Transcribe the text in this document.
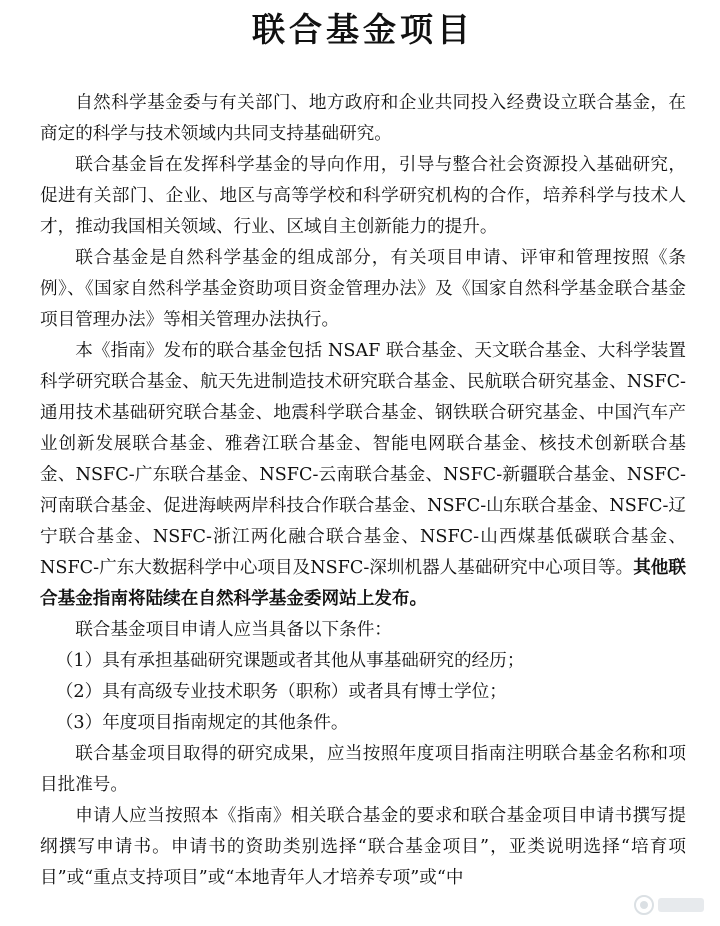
联合基金项目

自然科学基金委与有关部门、地方政府和企业共同投入经费设立联合基金，在商定的科学与技术领域内共同支持基础研究。

联合基金旨在发挥科学基金的导向作用，引导与整合社会资源投入基础研究，促进有关部门、企业、地区与高等学校和科学研究机构的合作，培养科学与技术人才，推动我国相关领域、行业、区域自主创新能力的提升。

联合基金是自然科学基金的组成部分，有关项目申请、评审和管理按照《条例》、《国家自然科学基金资助项目资金管理办法》及《国家自然科学基金联合基金项目管理办法》等相关管理办法执行。

本《指南》发布的联合基金包括 NSAF 联合基金、天文联合基金、大科学装置科学研究联合基金、航天先进制造技术研究联合基金、民航联合研究基金、NSFC-通用技术基础研究联合基金、地震科学联合基金、钢铁联合研究基金、中国汽车产业创新发展联合基金、雅砻江联合基金、智能电网联合基金、核技术创新联合基金、NSFC-广东联合基金、NSFC-云南联合基金、NSFC-新疆联合基金、NSFC-河南联合基金、促进海峡两岸科技合作联合基金、NSFC-山东联合基金、NSFC-辽宁联合基金、NSFC-浙江两化融合联合基金、NSFC-山西煤基低碳联合基金、NSFC-广东大数据科学中心项目及NSFC-深圳机器人基础研究中心项目等。其他联合基金指南将陆续在自然科学基金委网站上发布。

联合基金项目申请人应当具备以下条件：

（1）具有承担基础研究课题或者其他从事基础研究的经历；

（2）具有高级专业技术职务（职称）或者具有博士学位；

（3）年度项目指南规定的其他条件。

联合基金项目取得的研究成果，应当按照年度项目指南注明联合基金名称和项目批准号。

申请人应当按照本《指南》相关联合基金的要求和联合基金项目申请书撰写提纲撰写申请书。申请书的资助类别选择“联合基金项目”，亚类说明选择“培育项目”或“重点支持项目”或“本地青年人才培养专项”或“中
